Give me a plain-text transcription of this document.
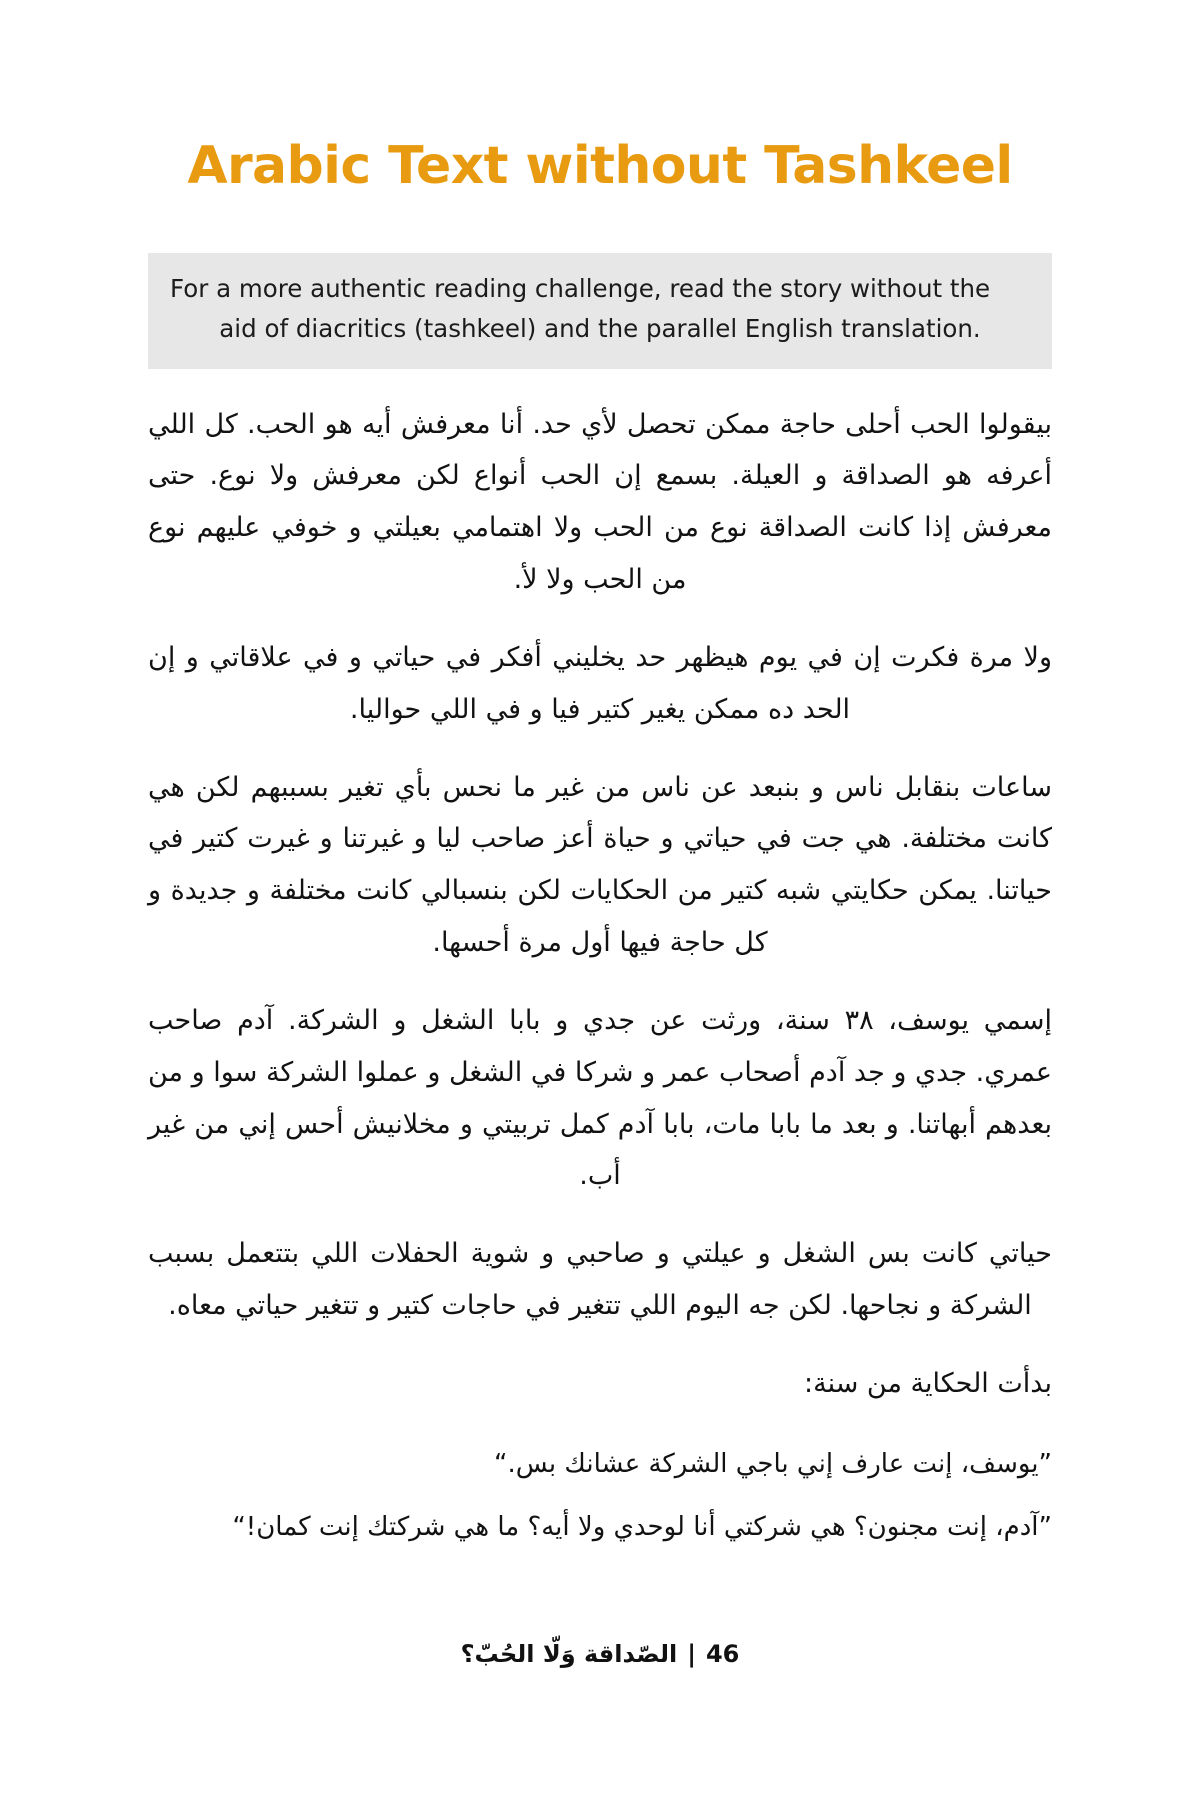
Arabic Text without Tashkeel
For a more authentic reading challenge, read the story without the
aid of diacritics (tashkeel) and the parallel English translation.

بيقولوا الحب أحلى حاجة ممكن تحصل لأي حد. أنا معرفش أيه هو الحب. كل اللي أعرفه هو الصداقة و العيلة. بسمع إن الحب أنواع لكن معرفش ولا نوع. حتى معرفش إذا كانت الصداقة نوع من الحب ولا اهتمامي بعيلتي و خوفي عليهم نوع من الحب ولا لأ.

ولا مرة فكرت إن في يوم هيظهر حد يخليني أفكر في حياتي و في علاقاتي و إن الحد ده ممكن يغير كتير فيا و في اللي حواليا.

ساعات بنقابل ناس و بنبعد عن ناس من غير ما نحس بأي تغير بسببهم لكن هي كانت مختلفة. هي جت في حياتي و حياة أعز صاحب ليا و غيرتنا و غيرت كتير في حياتنا. يمكن حكايتي شبه كتير من الحكايات لكن بنسبالي كانت مختلفة و جديدة و كل حاجة فيها أول مرة أحسها.

إسمي يوسف، ٣٨ سنة، ورثت عن جدي و بابا الشغل و الشركة. آدم صاحب عمري. جدي و جد آدم أصحاب عمر و شركا في الشغل و عملوا الشركة سوا و من بعدهم أبهاتنا. و بعد ما بابا مات، بابا آدم كمل تربيتي و مخلانيش أحس إني من غير أب.

حياتي كانت بس الشغل و عيلتي و صاحبي و شوية الحفلات اللي بتتعمل بسبب الشركة و نجاحها. لكن جه اليوم اللي تتغير في حاجات كتير و تتغير حياتي معاه.

بدأت الحكاية من سنة:

”يوسف، إنت عارف إني باجي الشركة عشانك بس.“

”آدم، إنت مجنون؟ هي شركتي أنا لوحدي ولا أيه؟ ما هي شركتك إنت كمان!“

الصّداقة وَلّا الحُبّ؟ | 46
